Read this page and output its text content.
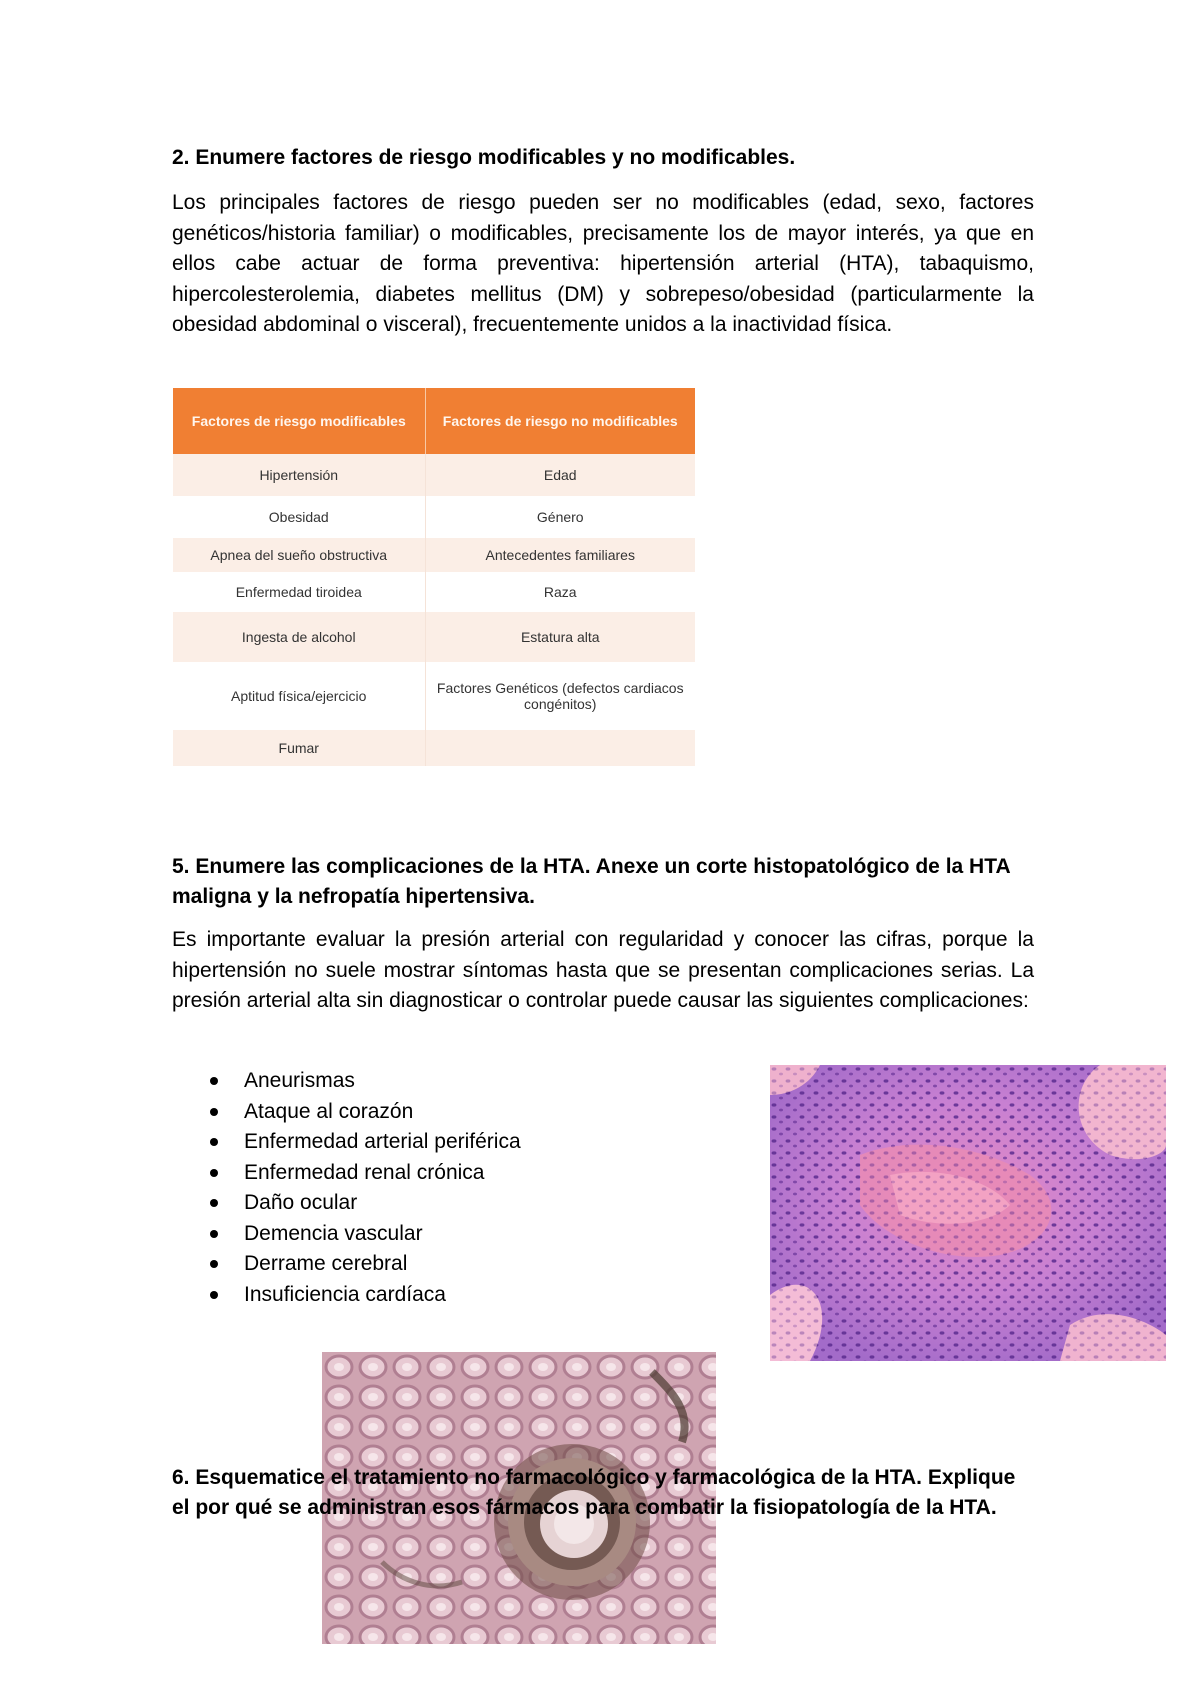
2. Enumere factores de riesgo modificables y no modificables.

Los principales factores de riesgo pueden ser no modificables (edad, sexo, factores genéticos/historia familiar) o modificables, precisamente los de mayor interés, ya que en ellos cabe actuar de forma preventiva: hipertensión arterial (HTA), tabaquismo, hipercolesterolemia, diabetes mellitus (DM) y sobrepeso/obesidad (particularmente la obesidad abdominal o visceral), frecuentemente unidos a la inactividad física.

Factores de riesgo modificables	Factores de riesgo no modificables
Hipertensión	Edad
Obesidad	Género
Apnea del sueño obstructiva	Antecedentes familiares
Enfermedad tiroidea	Raza
Ingesta de alcohol	Estatura alta
Aptitud física/ejercicio	Factores Genéticos (defectos cardiacos congénitos)
Fumar	
5. Enumere las complicaciones de la HTA. Anexe un corte histopatológico de la HTA maligna y la nefropatía hipertensiva.

Es importante evaluar la presión arterial con regularidad y conocer las cifras, porque la hipertensión no suele mostrar síntomas hasta que se presentan complicaciones serias. La presión arterial alta sin diagnosticar o controlar puede causar las siguientes complicaciones:

Aneurismas
Ataque al corazón
Enfermedad arterial periférica
Enfermedad renal crónica
Daño ocular
Demencia vascular
Derrame cerebral
Insuficiencia cardíaca
6. Esquematice el tratamiento no farmacológico y farmacológica de la HTA. Explique el por qué se administran esos fármacos para combatir la fisiopatología de la HTA.
